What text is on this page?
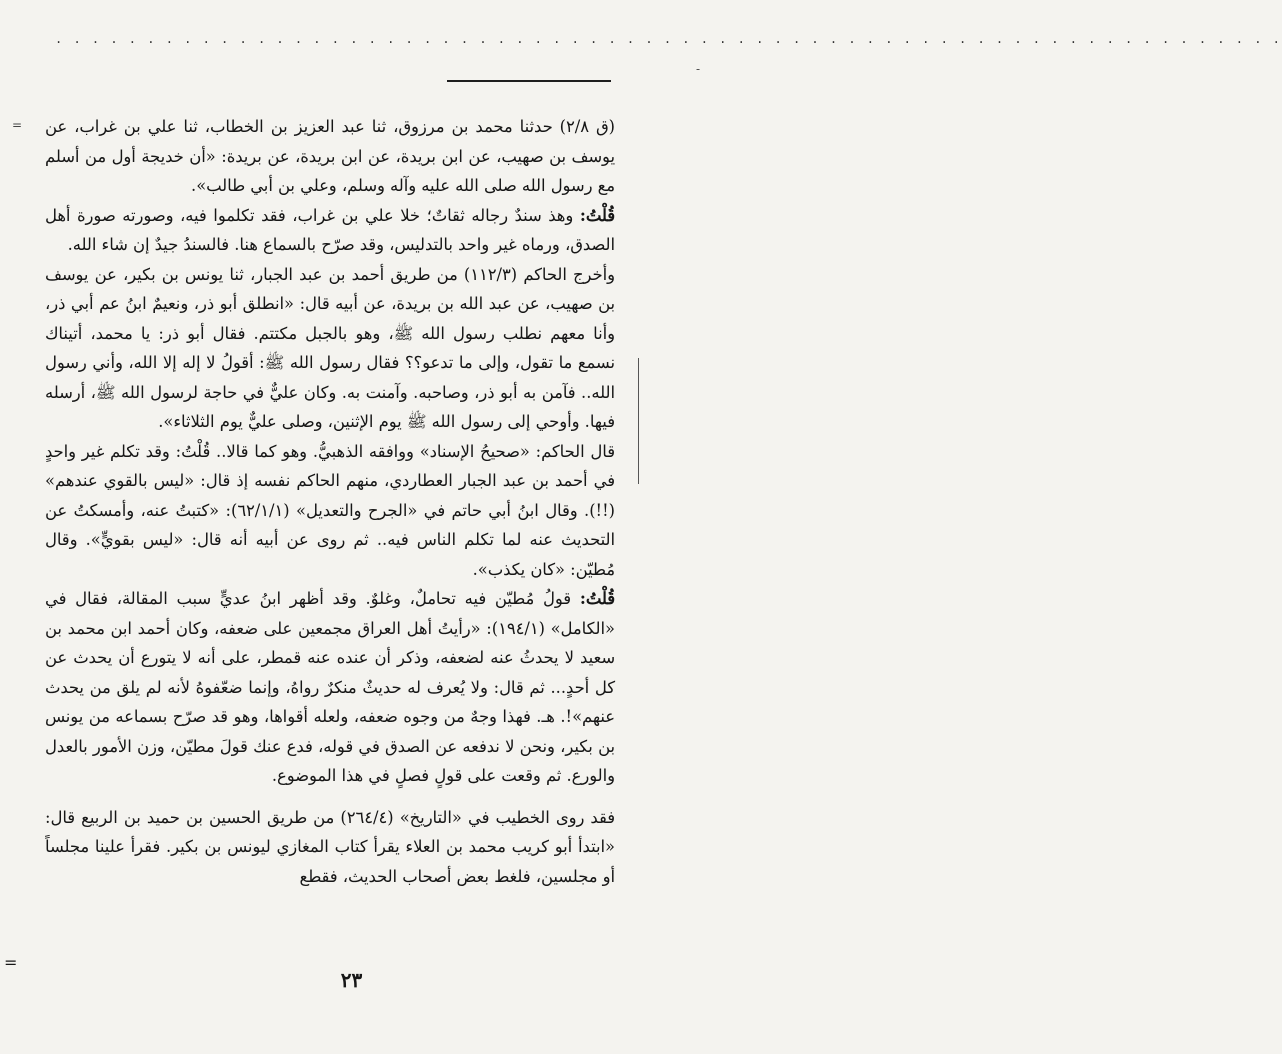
. . . . . . . . . . . . . . . . . . . . . . . . . . . . . . . . . . . . . . . . . . . . . . . . . . . . . . . . . . . . . . . . . . .
-
= (ق ٢/٨) حدثنا محمد بن مرزوق، ثنا عبد العزيز بن الخطاب، ثنا علي بن غراب، عن يوسف بن صهيب، عن ابن بريدة، عن ابن بريدة، عن بريدة: «أن خديجة أول من أسلم مع رسول الله صلى الله عليه وآله وسلم، وعلي بن أبي طالب».

قُلْتُ: وهذ سندٌ رجاله ثقاتٌ؛ خلا علي بن غراب، فقد تكلموا فيه، وصورته صورة أهل الصدق، ورماه غير واحد بالتدليس، وقد صرّح بالسماع هنا. فالسندُ جيدٌ إن شاء الله.

وأخرج الحاكم (١١٢/٣) من طريق أحمد بن عبد الجبار، ثنا يونس بن بكير، عن يوسف بن صهيب، عن عبد الله بن بريدة، عن أبيه قال: «انطلق أبو ذر، ونعيمٌ ابنُ عم أبي ذر، وأنا معهم نطلب رسول الله ﷺ، وهو بالجبل مكتتم. فقال أبو ذر: يا محمد، أتيناك نسمع ما تقول، وإلى ما تدعو؟؟ فقال رسول الله ﷺ: أقولُ لا إله إلا الله، وأني رسول الله.. فآمن به أبو ذر، وصاحبه. وآمنت به. وكان عليٌّ في حاجة لرسول الله ﷺ، أرسله فيها. وأوحي إلى رسول الله ﷺ يوم الإثنين، وصلى عليٌّ يوم الثلاثاء».

قال الحاكم: «صحيحُ الإسناد» ووافقه الذهبيُّ. وهو كما قالا.. قُلْتُ: وقد تكلم غير واحدٍ في أحمد بن عبد الجبار العطاردي، منهم الحاكم نفسه إذ قال: «ليس بالقوي عندهم» (!!). وقال ابنُ أبي حاتم في «الجرح والتعديل» (٦٢/١/١): «كتبتُ عنه، وأمسكتُ عن التحديث عنه لما تكلم الناس فيه.. ثم روى عن أبيه أنه قال: «ليس بقويٍّ». وقال مُطيّن: «كان يكذب».

قُلْتُ: قولُ مُطيّن فيه تحاملٌ، وغلوٌ. وقد أظهر ابنُ عديٍّ سبب المقالة، فقال في «الكامل» (١٩٤/١): «رأيتُ أهل العراق مجمعين على ضعفه، وكان أحمد ابن محمد بن سعيد لا يحدثُ عنه لضعفه، وذكر أن عنده عنه قمطر، على أنه لا يتورع أن يحدث عن كل أحدٍ... ثم قال: ولا يُعرف له حديثٌ منكرٌ رواهُ، وإنما ضعّفوهُ لأنه لم يلق من يحدث عنهم»!. هـ. فهذا وجهٌ من وجوه ضعفه، ولعله أقواها، وهو قد صرّح بسماعه من يونس بن بكير، ونحن لا ندفعه عن الصدق في قوله، فدع عنك قولَ مطيّن، وزن الأمور بالعدل والورع. ثم وقعت على قولٍ فصلٍ في هذا الموضوع.

فقد روى الخطيب في «التاريخ» (٢٦٤/٤) من طريق الحسين بن حميد بن الربيع قال: «ابتدأ أبو كريب محمد بن العلاء يقرأ كتاب المغازي ليونس بن بكير. فقرأ علينا مجلساً أو مجلسين، فلغط بعض أصحاب الحديث، فقطع

=
٢٣
